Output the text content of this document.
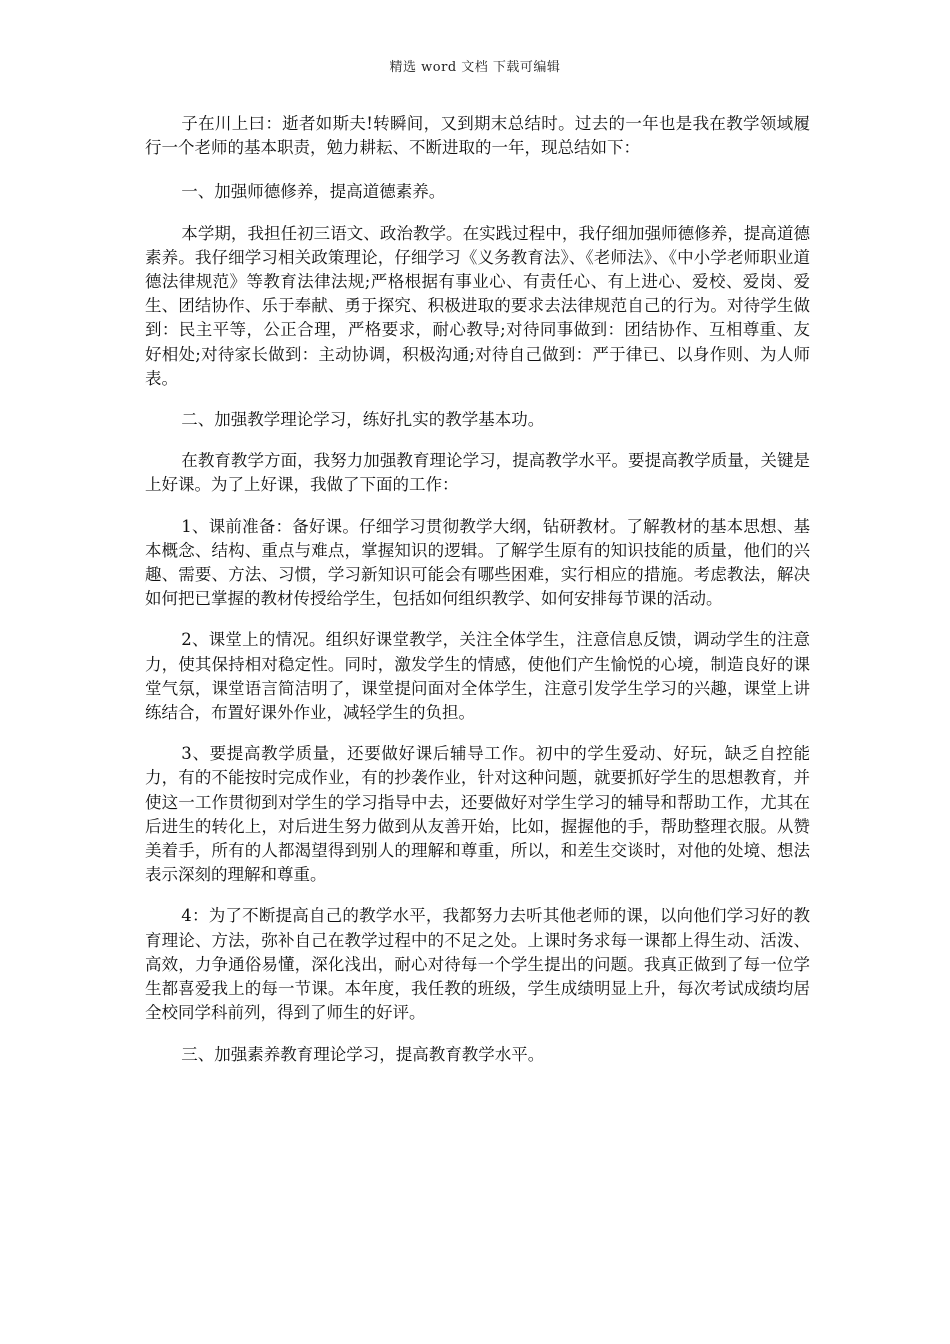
精选 word 文档 下载可编辑

子在川上曰：逝者如斯夫!转瞬间，又到期末总结时。过去的一年也是我在教学领域履行一个老师的基本职责，勉力耕耘、不断进取的一年，现总结如下：

一、加强师德修养，提高道德素养。

本学期，我担任初三语文、政治教学。在实践过程中，我仔细加强师德修养，提高道德素养。我仔细学习相关政策理论，仔细学习《义务教育法》、《老师法》、《中小学老师职业道德法律规范》等教育法律法规;严格根据有事业心、有责任心、有上进心、爱校、爱岗、爱生、团结协作、乐于奉献、勇于探究、积极进取的要求去法律规范自己的行为。对待学生做到：民主平等，公正合理，严格要求，耐心教导;对待同事做到：团结协作、互相尊重、友好相处;对待家长做到：主动协调，积极沟通;对待自己做到：严于律已、以身作则、为人师表。

二、加强教学理论学习，练好扎实的教学基本功。

在教育教学方面，我努力加强教育理论学习，提高教学水平。要提高教学质量，关键是上好课。为了上好课，我做了下面的工作：

1、课前准备：备好课。仔细学习贯彻教学大纲，钻研教材。了解教材的基本思想、基本概念、结构、重点与难点，掌握知识的逻辑。了解学生原有的知识技能的质量，他们的兴趣、需要、方法、习惯，学习新知识可能会有哪些困难，实行相应的措施。考虑教法，解决如何把已掌握的教材传授给学生，包括如何组织教学、如何安排每节课的活动。

2、课堂上的情况。组织好课堂教学，关注全体学生，注意信息反馈，调动学生的注意力，使其保持相对稳定性。同时，激发学生的情感，使他们产生愉悦的心境，制造良好的课堂气氛，课堂语言简洁明了，课堂提问面对全体学生，注意引发学生学习的兴趣，课堂上讲练结合，布置好课外作业，减轻学生的负担。

3、要提高教学质量，还要做好课后辅导工作。初中的学生爱动、好玩，缺乏自控能力，有的不能按时完成作业，有的抄袭作业，针对这种问题，就要抓好学生的思想教育，并使这一工作贯彻到对学生的学习指导中去，还要做好对学生学习的辅导和帮助工作，尤其在后进生的转化上，对后进生努力做到从友善开始，比如，握握他的手，帮助整理衣服。从赞美着手，所有的人都渴望得到别人的理解和尊重，所以，和差生交谈时，对他的处境、想法表示深刻的理解和尊重。

4：为了不断提高自己的教学水平，我都努力去听其他老师的课，以向他们学习好的教育理论、方法，弥补自己在教学过程中的不足之处。上课时务求每一课都上得生动、活泼、高效，力争通俗易懂，深化浅出，耐心对待每一个学生提出的问题。我真正做到了每一位学生都喜爱我上的每一节课。本年度，我任教的班级，学生成绩明显上升，每次考试成绩均居全校同学科前列，得到了师生的好评。

三、加强素养教育理论学习，提高教育教学水平。
